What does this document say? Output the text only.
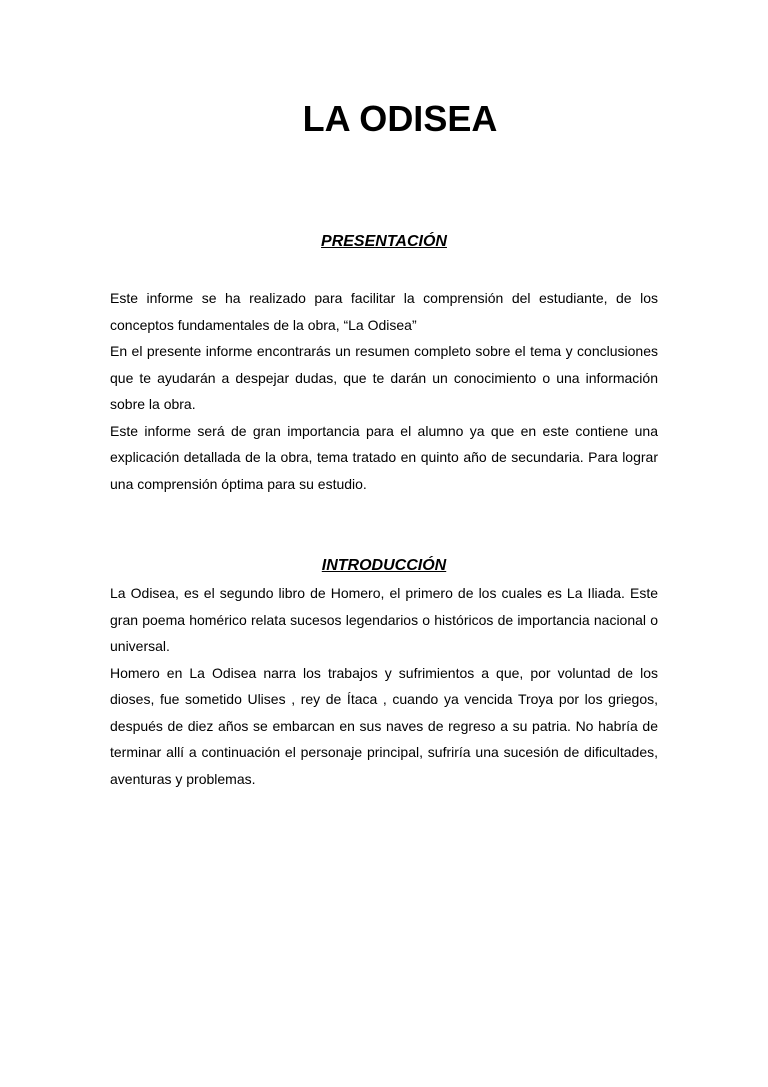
LA ODISEA
PRESENTACIÓN

Este informe se ha realizado para facilitar la comprensión del estudiante, de los conceptos fundamentales de la obra, “La Odisea”

En el presente informe encontrarás un resumen completo sobre el tema y conclusiones que te ayudarán a despejar dudas, que te darán un conocimiento o una información sobre la obra.

Este informe será de gran importancia para el alumno ya que en este contiene una explicación detallada de la obra, tema tratado en quinto año de secundaria. Para lograr una comprensión óptima para su estudio.

INTRODUCCIÓN

La Odisea, es el segundo libro de Homero, el primero de los cuales es La Iliada. Este gran poema homérico relata sucesos legendarios o históricos de importancia nacional o universal.

Homero en La Odisea narra los trabajos y sufrimientos a que, por voluntad de los dioses, fue sometido Ulises , rey de Ítaca , cuando ya vencida Troya por los griegos, después de diez años se embarcan en sus naves de regreso a su patria. No habría de terminar allí a continuación el personaje principal, sufriría una sucesión de dificultades, aventuras y problemas.
